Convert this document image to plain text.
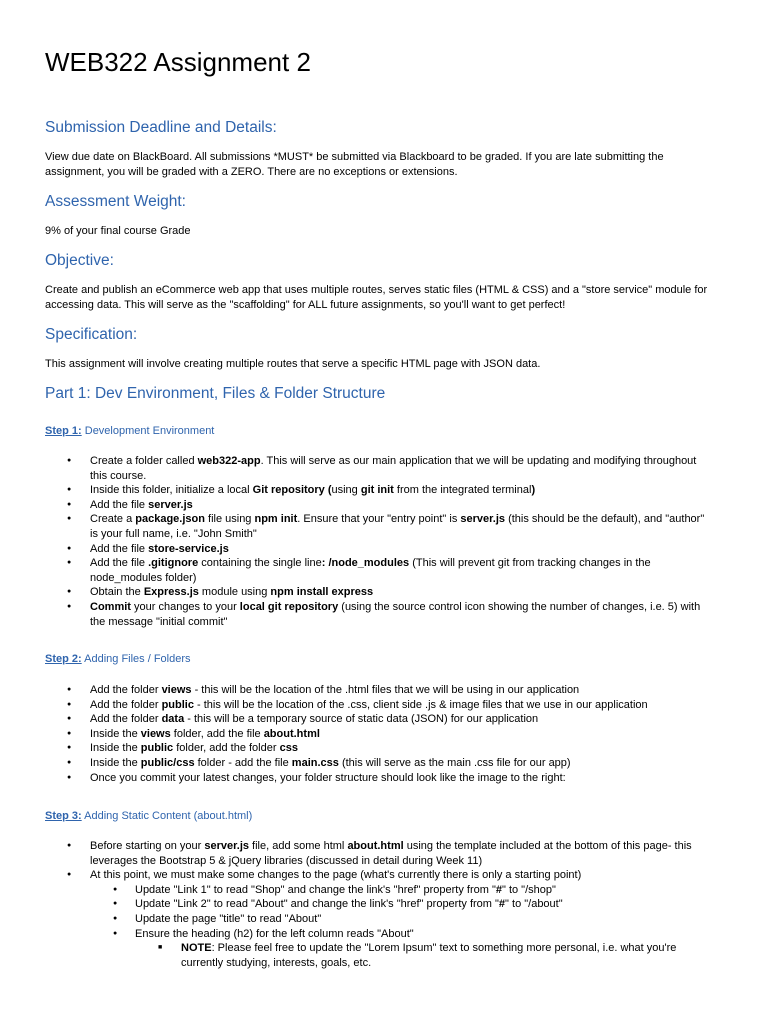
WEB322 Assignment 2
Submission Deadline and Details:

View due date on BlackBoard. All submissions *MUST* be submitted via Blackboard to be graded. If you are late submitting the assignment, you will be graded with a ZERO. There are no exceptions or extensions.

Assessment Weight:

9% of your final course Grade

Objective:

Create and publish an eCommerce web app that uses multiple routes, serves static files (HTML & CSS) and a "store service" module for accessing data. This will serve as the "scaffolding" for ALL future assignments, so you'll want to get perfect!

Specification:

This assignment will involve creating multiple routes that serve a specific HTML page with JSON data.

Part 1: Dev Environment, Files & Folder Structure

Step 1: Development Environment

● Create a folder called web322-app. This will serve as our main application that we will be updating and modifying throughout this course.
● Inside this folder, initialize a local Git repository (using git init from the integrated terminal)
● Add the file server.js
● Create a package.json file using npm init. Ensure that your "entry point" is server.js (this should be the default), and "author" is your full name, i.e. "John Smith"
● Add the file store-service.js
● Add the file .gitignore containing the single line: /node_modules (This will prevent git from tracking changes in the node_modules folder)
● Obtain the Express.js module using npm install express
● Commit your changes to your local git repository (using the source control icon showing the number of changes, i.e. 5) with the message "initial commit"

Step 2: Adding Files / Folders

● Add the folder views - this will be the location of the .html files that we will be using in our application
● Add the folder public - this will be the location of the .css, client side .js & image files that we use in our application
● Add the folder data - this will be a temporary source of static data (JSON) for our application
● Inside the views folder, add the file about.html
● Inside the public folder, add the folder css
● Inside the public/css folder - add the file main.css (this will serve as the main .css file for our app)
● Once you commit your latest changes, your folder structure should look like the image to the right:

Step 3: Adding Static Content (about.html)

● Before starting on your server.js file, add some html about.html using the template included at the bottom of this page- this leverages the Bootstrap 5 & jQuery libraries (discussed in detail during Week 11)
● At this point, we must make some changes to the page (what's currently there is only a starting point)
● Update "Link 1" to read "Shop" and change the link's "href" property from "#" to "/shop"
● Update "Link 2" to read "About" and change the link's "href" property from "#" to "/about"
● Update the page "title" to read "About"
● Ensure the heading (h2) for the left column reads "About"
■ NOTE: Please feel free to update the "Lorem Ipsum" text to something more personal, i.e. what you're currently studying, interests, goals, etc.
